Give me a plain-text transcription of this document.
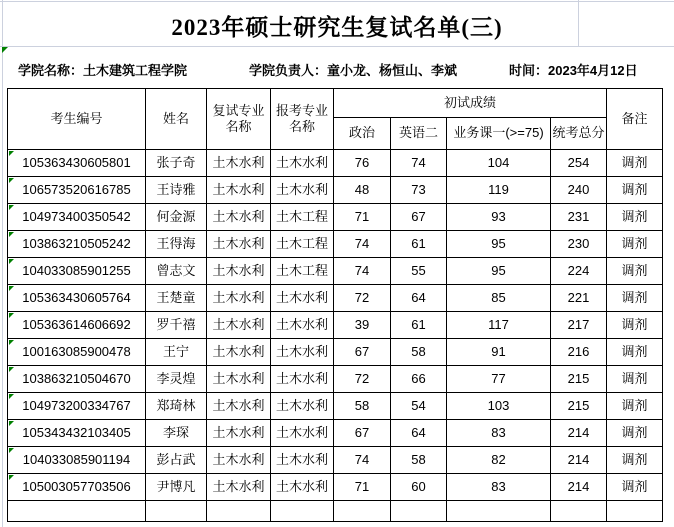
2023年硕士研究生复试名单(三)
学院名称：土木建筑工程学院	学院负责人：童小龙、杨恒山、李斌	时间：2023年4月12日
考生编号	姓名	复试专业名称	报考专业名称	初试成绩				备注
				政治	英语二	业务课一(>=75)	统考总分	
105363430605801	张子奇	土木水利	土木水利	76	74	104	254	调剂
106573520616785	王诗雅	土木水利	土木水利	48	73	119	240	调剂
104973400350542	何金源	土木水利	土木工程	71	67	93	231	调剂
103863210505242	王得海	土木水利	土木工程	74	61	95	230	调剂
104033085901255	曾志文	土木水利	土木工程	74	55	95	224	调剂
105363430605764	王楚童	土木水利	土木水利	72	64	85	221	调剂
105363614606692	罗千禧	土木水利	土木水利	39	61	117	217	调剂
100163085900478	王宁	土木水利	土木水利	67	58	91	216	调剂
103863210504670	李灵煌	土木水利	土木水利	72	66	77	215	调剂
104973200334767	郑琦林	土木水利	土木水利	58	54	103	215	调剂
105343432103405	李琛	土木水利	土木水利	67	64	83	214	调剂
104033085901194	彭占武	土木水利	土木水利	74	58	82	214	调剂
105003057703506	尹博凡	土木水利	土木水利	71	60	83	214	调剂
